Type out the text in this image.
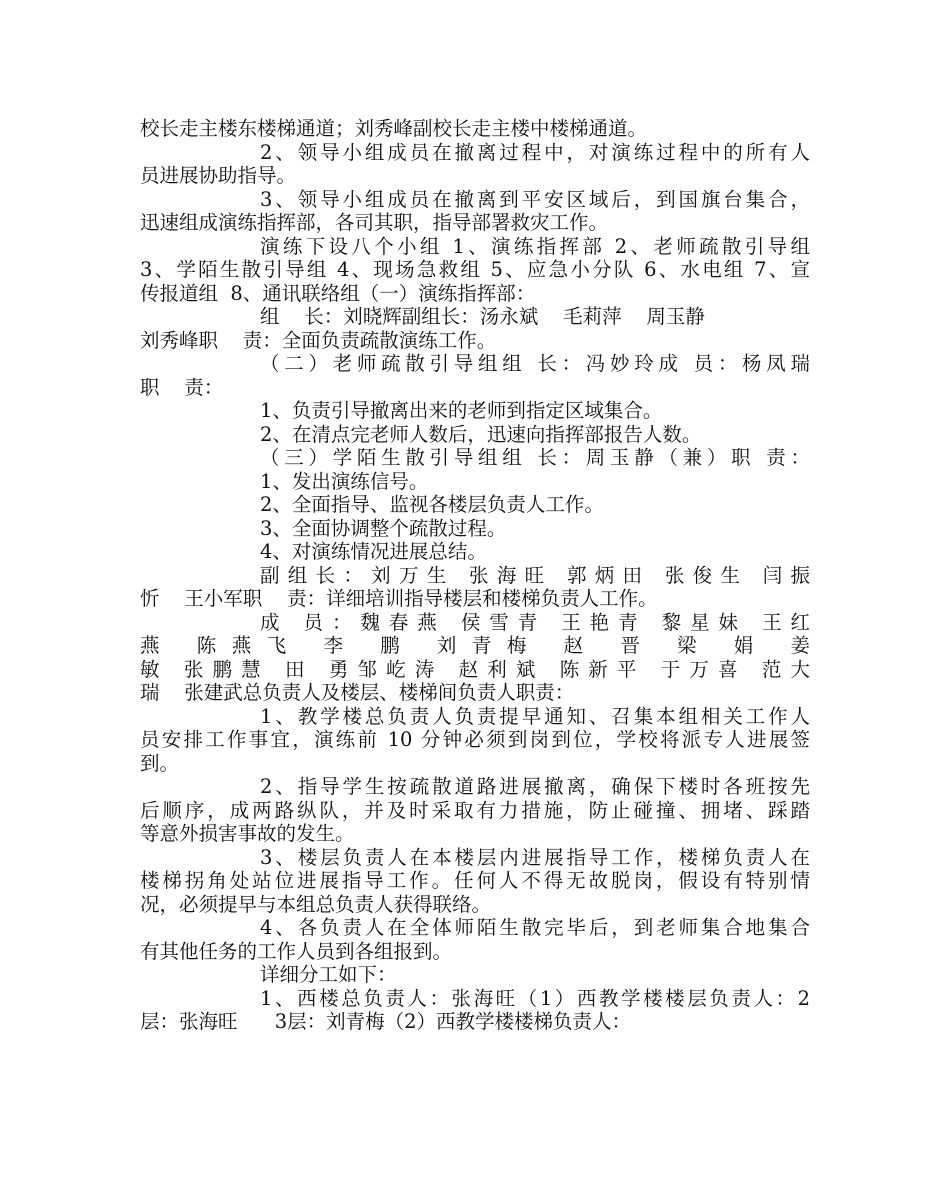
校长走主楼东楼梯通道；刘秀峰副校长走主楼中楼梯通道。
2、领导小组成员在撤离过程中，对演练过程中的所有人
员进展协助指导。
3、领导小组成员在撤离到平安区域后，到国旗台集合，
迅速组成演练指挥部，各司其职，指导部署救灾工作。
演练下设八个小组 1、演练指挥部 2、老师疏散引导组
3、学陌生散引导组 4、现场急救组 5、应急小分队 6、水电组 7、宣
传报道组  8、通讯联络组（一）演练指挥部：
组    长：刘晓辉副组长：汤永斌    毛莉萍    周玉静
刘秀峰职    责：全面负责疏散演练工作。
（二）老师疏散引导组组 长：冯妙玲成 员：杨凤瑞
职    责：
1、负责引导撤离出来的老师到指定区域集合。
2、在清点完老师人数后，迅速向指挥部报告人数。
（三）学陌生散引导组组 长：周玉静（兼）职 责：
1、发出演练信号。
2、全面指导、监视各楼层负责人工作。
3、全面协调整个疏散过程。
4、对演练情况进展总结。
副组长：刘万生 张海旺 郭炳田 张俊生 闫振
忻    王小军职    责：详细培训指导楼层和楼梯负责人工作。
成 员：魏春燕 侯雪青 王艳青 黎星妹 王红
燕 陈燕飞 李 鹏 刘青梅 赵 晋 梁 娟 姜
敏 张鹏慧 田 勇邹屹涛 赵利斌 陈新平 于万喜 范大
瑞    张建武总负责人及楼层、楼梯间负责人职责：
1、教学楼总负责人负责提早通知、召集本组相关工作人
员安排工作事宜，演练前 10 分钟必须到岗到位，学校将派专人进展签
到。
2、指导学生按疏散道路进展撤离，确保下楼时各班按先
后顺序，成两路纵队，并及时采取有力措施，防止碰撞、拥堵、踩踏
等意外损害事故的发生。
3、楼层负责人在本楼层内进展指导工作，楼梯负责人在
楼梯拐角处站位进展指导工作。任何人不得无故脱岗，假设有特别情
况，必须提早与本组总负责人获得联络。
4、各负责人在全体师陌生散完毕后，到老师集合地集合
有其他任务的工作人员到各组报到。
详细分工如下：
1、西楼总负责人：张海旺（1）西教学楼楼层负责人：2
层：张海旺      3层：刘青梅（2）西教学楼楼梯负责人：
